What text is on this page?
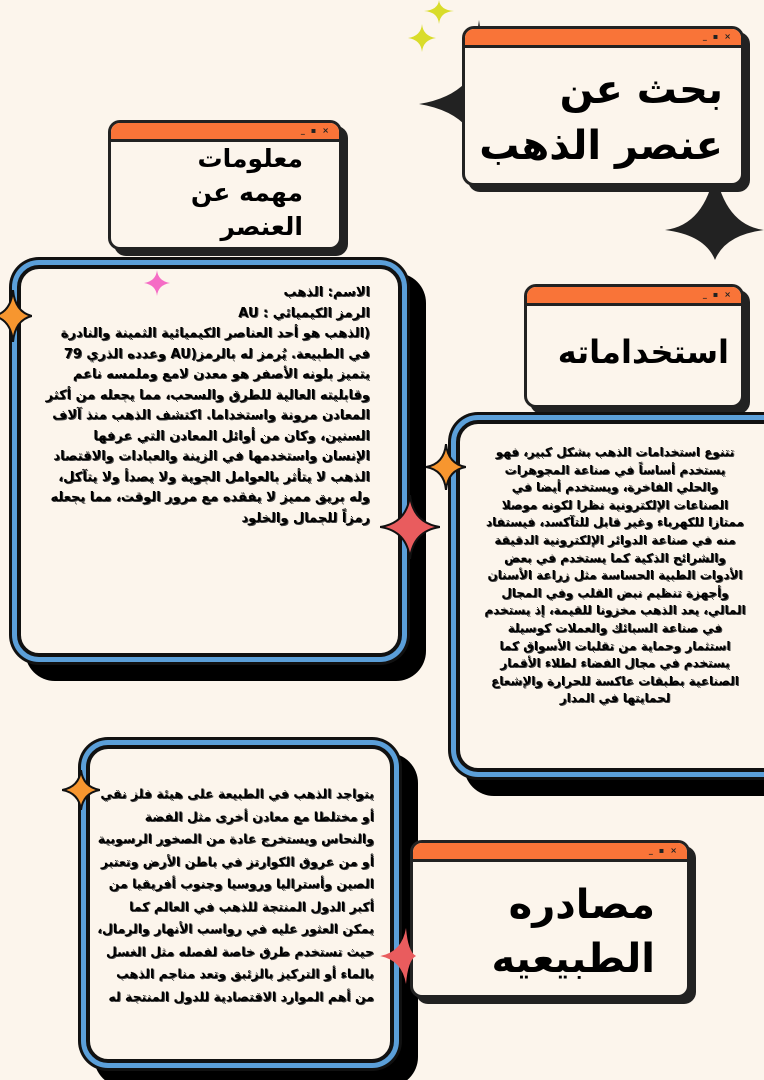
_ ▪ ×
بحث عن
عنصر الذهب
_ ▪ ×
معلومات
مهمه عن
العنصر
الاسم: الذهب
الرمز الكيميائي : AU
(الذهب هو أحد العناصر الكيميائية الثمينة والنادرة في الطبيعة. يُرمز له بالرمز(AU وعدده الذري 79 يتميز بلونه الأصفر هو معدن لامع وملمسه ناعم وقابليته العالية للطرق والسحب، مما يجعله من أكثر المعادن مرونة واستخداما. اكتشف الذهب منذ آلاف السنين، وكان من أوائل المعادن التي عرفها الإنسان واستخدمها في الزينة والعبادات والاقتصاد الذهب لا يتأثر بالعوامل الجوية ولا يصدأ ولا يتآكل، وله بريق مميز لا يفقده مع مرور الوقت، مما يجعله رمزاً للجمال والخلود
_ ▪ ×
استخداماته
تتنوع استخدامات الذهب بشكل كبير، فهو يستخدم أساساً في صناعة المجوهرات والحلي الفاخرة، ويستخدم أيضا في الصناعات الإلكترونية نظرا لكونه موصلا ممتازا للكهرباء وغير قابل للتآكسد، فيستفاد منه في صناعة الدوائر الإلكترونية الدقيقة والشرائح الذكية كما يستخدم في بعض الأدوات الطبية الحساسة مثل زراعة الأسنان وأجهزة تنظيم نبض القلب وفي المجال المالي، يعد الذهب مخزونا للقيمة، إذ يستخدم في صناعة السبائك والعملات كوسيلة استثمار وحماية من تقلبات الأسواق كما يستخدم في مجال الفضاء لطلاء الأقمار الصناعية بطبقات عاكسة للحرارة والإشعاع لحمايتها في المدار
يتواجد الذهب في الطبيعة على هيئة فلز نقي أو مختلطا مع معادن أخرى مثل الفضة والنحاس ويستخرج عادة من الصخور الرسوبية أو من عروق الكوارتز في باطن الأرض وتعتبر الصين وأستراليا وروسيا وجنوب أفريقيا من أكبر الدول المنتجة للذهب في العالم كما يمكن العثور عليه في رواسب الأنهار والرمال، حيث تستخدم طرق خاصة لفصله مثل الغسل بالماء أو التركيز بالزئبق وتعد مناجم الذهب من أهم الموارد الاقتصادية للدول المنتجة له
_ ▪ ×
مصادره
الطبيعيه
